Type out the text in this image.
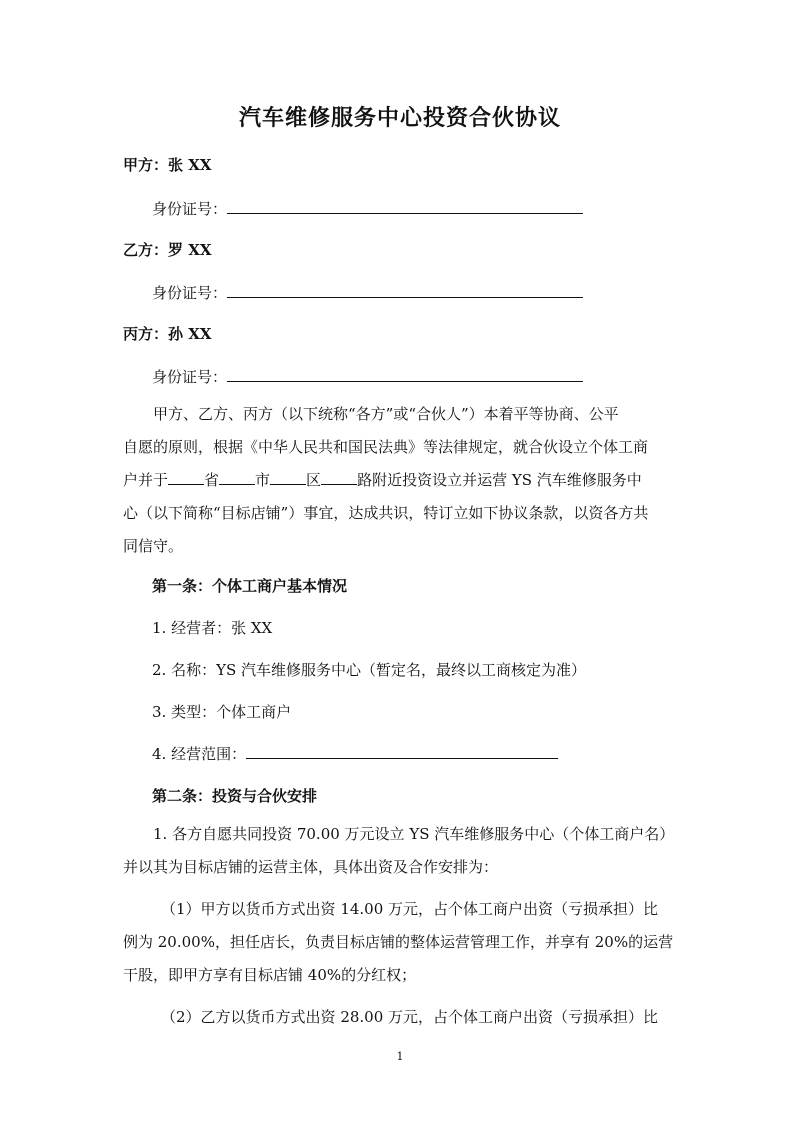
汽车维修服务中心投资合伙协议
甲方：张 XX
身份证号：
乙方：罗 XX
身份证号：
丙方：孙 XX
身份证号：
甲方、乙方、丙方（以下统称“各方”或“合伙人”）本着平等协商、公平
自愿的原则，根据《中华人民共和国民法典》等法律规定，就合伙设立个体工商
户并于 省 市 区 路附近投资设立并运营 YS 汽车维修服务中
心（以下简称“目标店铺”）事宜，达成共识，特订立如下协议条款，以资各方共
同信守。
第一条：个体工商户基本情况
1. 经营者：张 XX
2. 名称：YS 汽车维修服务中心（暂定名，最终以工商核定为准）
3. 类型：个体工商户
4. 经营范围：
第二条：投资与合伙安排
1. 各方自愿共同投资 70.00 万元设立 YS 汽车维修服务中心（个体工商户名）
并以其为目标店铺的运营主体，具体出资及合作安排为：
（1）甲方以货币方式出资 14.00 万元，占个体工商户出资（亏损承担）比
例为 20.00%，担任店长，负责目标店铺的整体运营管理工作，并享有 20%的运营
干股，即甲方享有目标店铺 40%的分红权；
（2）乙方以货币方式出资 28.00 万元，占个体工商户出资（亏损承担）比
1
